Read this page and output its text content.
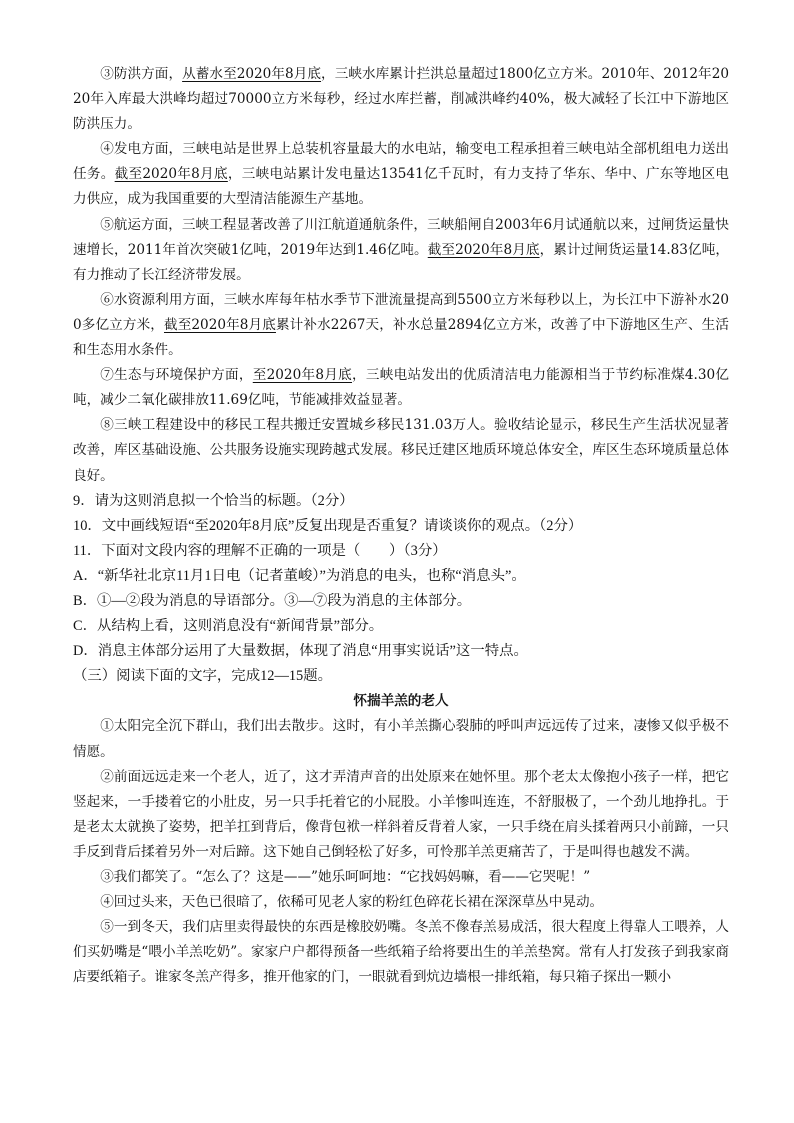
③防洪方面，从蓄水至2020年8月底，三峡水库累计拦洪总量超过1800亿立方米。2010年、2012年2020年入库最大洪峰均超过70000立方米每秒，经过水库拦蓄，削减洪峰约40%，极大减轻了长江中下游地区防洪压力。

④发电方面，三峡电站是世界上总装机容量最大的水电站，输变电工程承担着三峡电站全部机组电力送出任务。截至2020年8月底，三峡电站累计发电量达13541亿千瓦时，有力支持了华东、华中、广东等地区电力供应，成为我国重要的大型清洁能源生产基地。

⑤航运方面，三峡工程显著改善了川江航道通航条件，三峡船闸自2003年6月试通航以来，过闸货运量快速增长，2011年首次突破1亿吨，2019年达到1.46亿吨。截至2020年8月底，累计过闸货运量14.83亿吨，有力推动了长江经济带发展。

⑥水资源利用方面，三峡水库每年枯水季节下泄流量提高到5500立方米每秒以上，为长江中下游补水200多亿立方米，截至2020年8月底累计补水2267天，补水总量2894亿立方米，改善了中下游地区生产、生活和生态用水条件。

⑦生态与环境保护方面，至2020年8月底，三峡电站发出的优质清洁电力能源相当于节约标准煤4.30亿吨，减少二氧化碳排放11.69亿吨，节能减排效益显著。

⑧三峡工程建设中的移民工程共搬迁安置城乡移民131.03万人。验收结论显示，移民生产生活状况显著改善，库区基础设施、公共服务设施实现跨越式发展。移民迁建区地质环境总体安全，库区生态环境质量总体良好。

9．请为这则消息拟一个恰当的标题。（2分）

10．文中画线短语“至2020年8月底”反复出现是否重复？请谈谈你的观点。（2分）

11．下面对文段内容的理解不正确的一项是（　　）（3分）

A．“新华社北京11月1日电（记者董峻）”为消息的电头，也称“消息头”。

B．①—②段为消息的导语部分。③—⑦段为消息的主体部分。

C．从结构上看，这则消息没有“新闻背景”部分。

D．消息主体部分运用了大量数据，体现了消息“用事实说话”这一特点。

（三）阅读下面的文字，完成12—15题。

怀揣羊羔的老人

①太阳完全沉下群山，我们出去散步。这时，有小羊羔撕心裂肺的呼叫声远远传了过来，凄惨又似乎极不情愿。

②前面远远走来一个老人，近了，这才弄清声音的出处原来在她怀里。那个老太太像抱小孩子一样，把它竖起来，一手搂着它的小肚皮，另一只手托着它的小屁股。小羊惨叫连连，不舒服极了，一个劲儿地挣扎。于是老太太就换了姿势，把羊扛到背后，像背包袱一样斜着反背着人家，一只手绕在肩头揉着两只小前蹄，一只手反到背后揉着另外一对后蹄。这下她自己倒轻松了好多，可怜那羊羔更痛苦了，于是叫得也越发不满。

③我们都笑了。“怎么了？这是——”她乐呵呵地：“它找妈妈嘛，看——它哭呢！”

④回过头来，天色已很暗了，依稀可见老人家的粉红色碎花长裙在深深草丛中晃动。

⑤一到冬天，我们店里卖得最快的东西是橡胶奶嘴。冬羔不像春羔易成活，很大程度上得靠人工喂养，人们买奶嘴是“喂小羊羔吃奶”。家家户户都得预备一些纸箱子给将要出生的羊羔垫窝。常有人打发孩子到我家商店要纸箱子。谁家冬羔产得多，推开他家的门，一眼就看到炕边墙根一排纸箱，每只箱子探出一颗小
